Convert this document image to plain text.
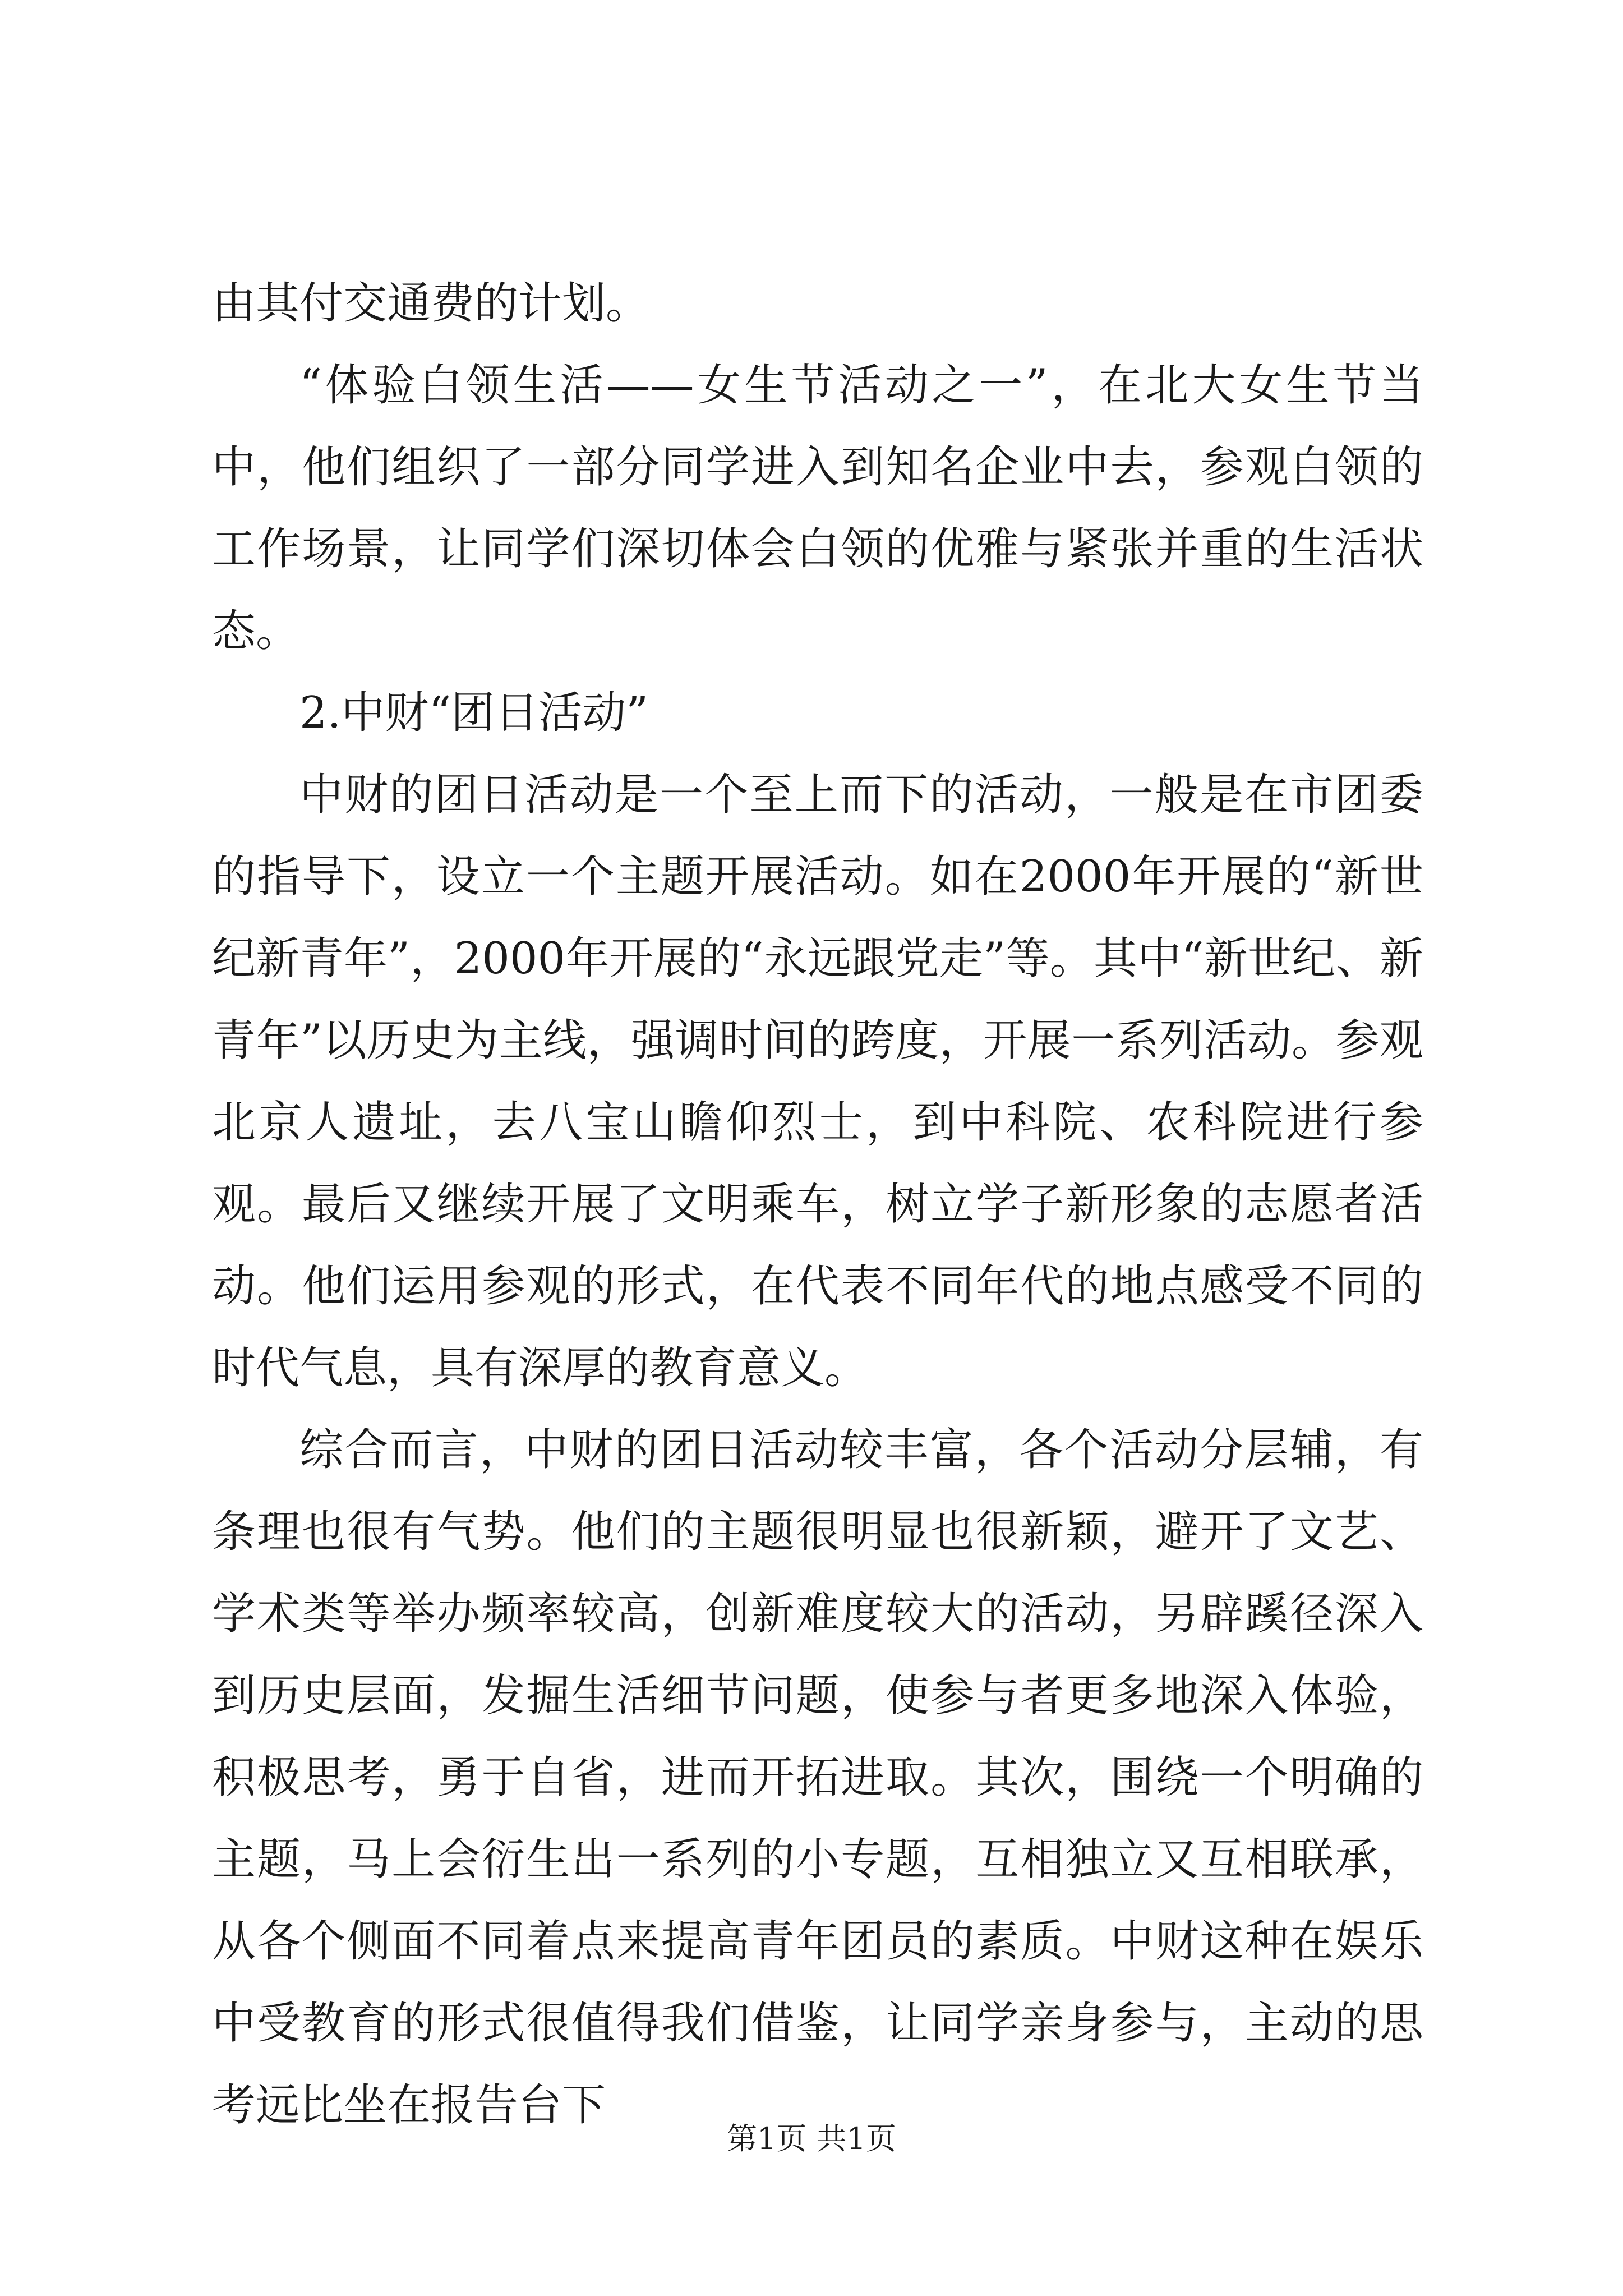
由其付交通费的计划。

“体验白领生活——女生节活动之一”，在北大女生节当中，他们组织了一部分同学进入到知名企业中去，参观白领的工作场景，让同学们深切体会白领的优雅与紧张并重的生活状态。

2.中财“团日活动”

中财的团日活动是一个至上而下的活动，一般是在市团委的指导下，设立一个主题开展活动。如在2000年开展的“新世纪新青年”，2000年开展的“永远跟党走”等。其中“新世纪、新青年”以历史为主线，强调时间的跨度，开展一系列活动。参观北京人遗址，去八宝山瞻仰烈士，到中科院、农科院进行参观。最后又继续开展了文明乘车，树立学子新形象的志愿者活动。他们运用参观的形式，在代表不同年代的地点感受不同的时代气息，具有深厚的教育意义。

综合而言，中财的团日活动较丰富，各个活动分层辅，有条理也很有气势。他们的主题很明显也很新颖，避开了文艺、学术类等举办频率较高，创新难度较大的活动，另辟蹊径深入到历史层面，发掘生活细节问题，使参与者更多地深入体验，积极思考，勇于自省，进而开拓进取。其次，围绕一个明确的主题，马上会衍生出一系列的小专题，互相独立又互相联承，从各个侧面不同着点来提高青年团员的素质。中财这种在娱乐中受教育的形式很值得我们借鉴，让同学亲身参与，主动的思考远比坐在报告台下

第1页 共1页
